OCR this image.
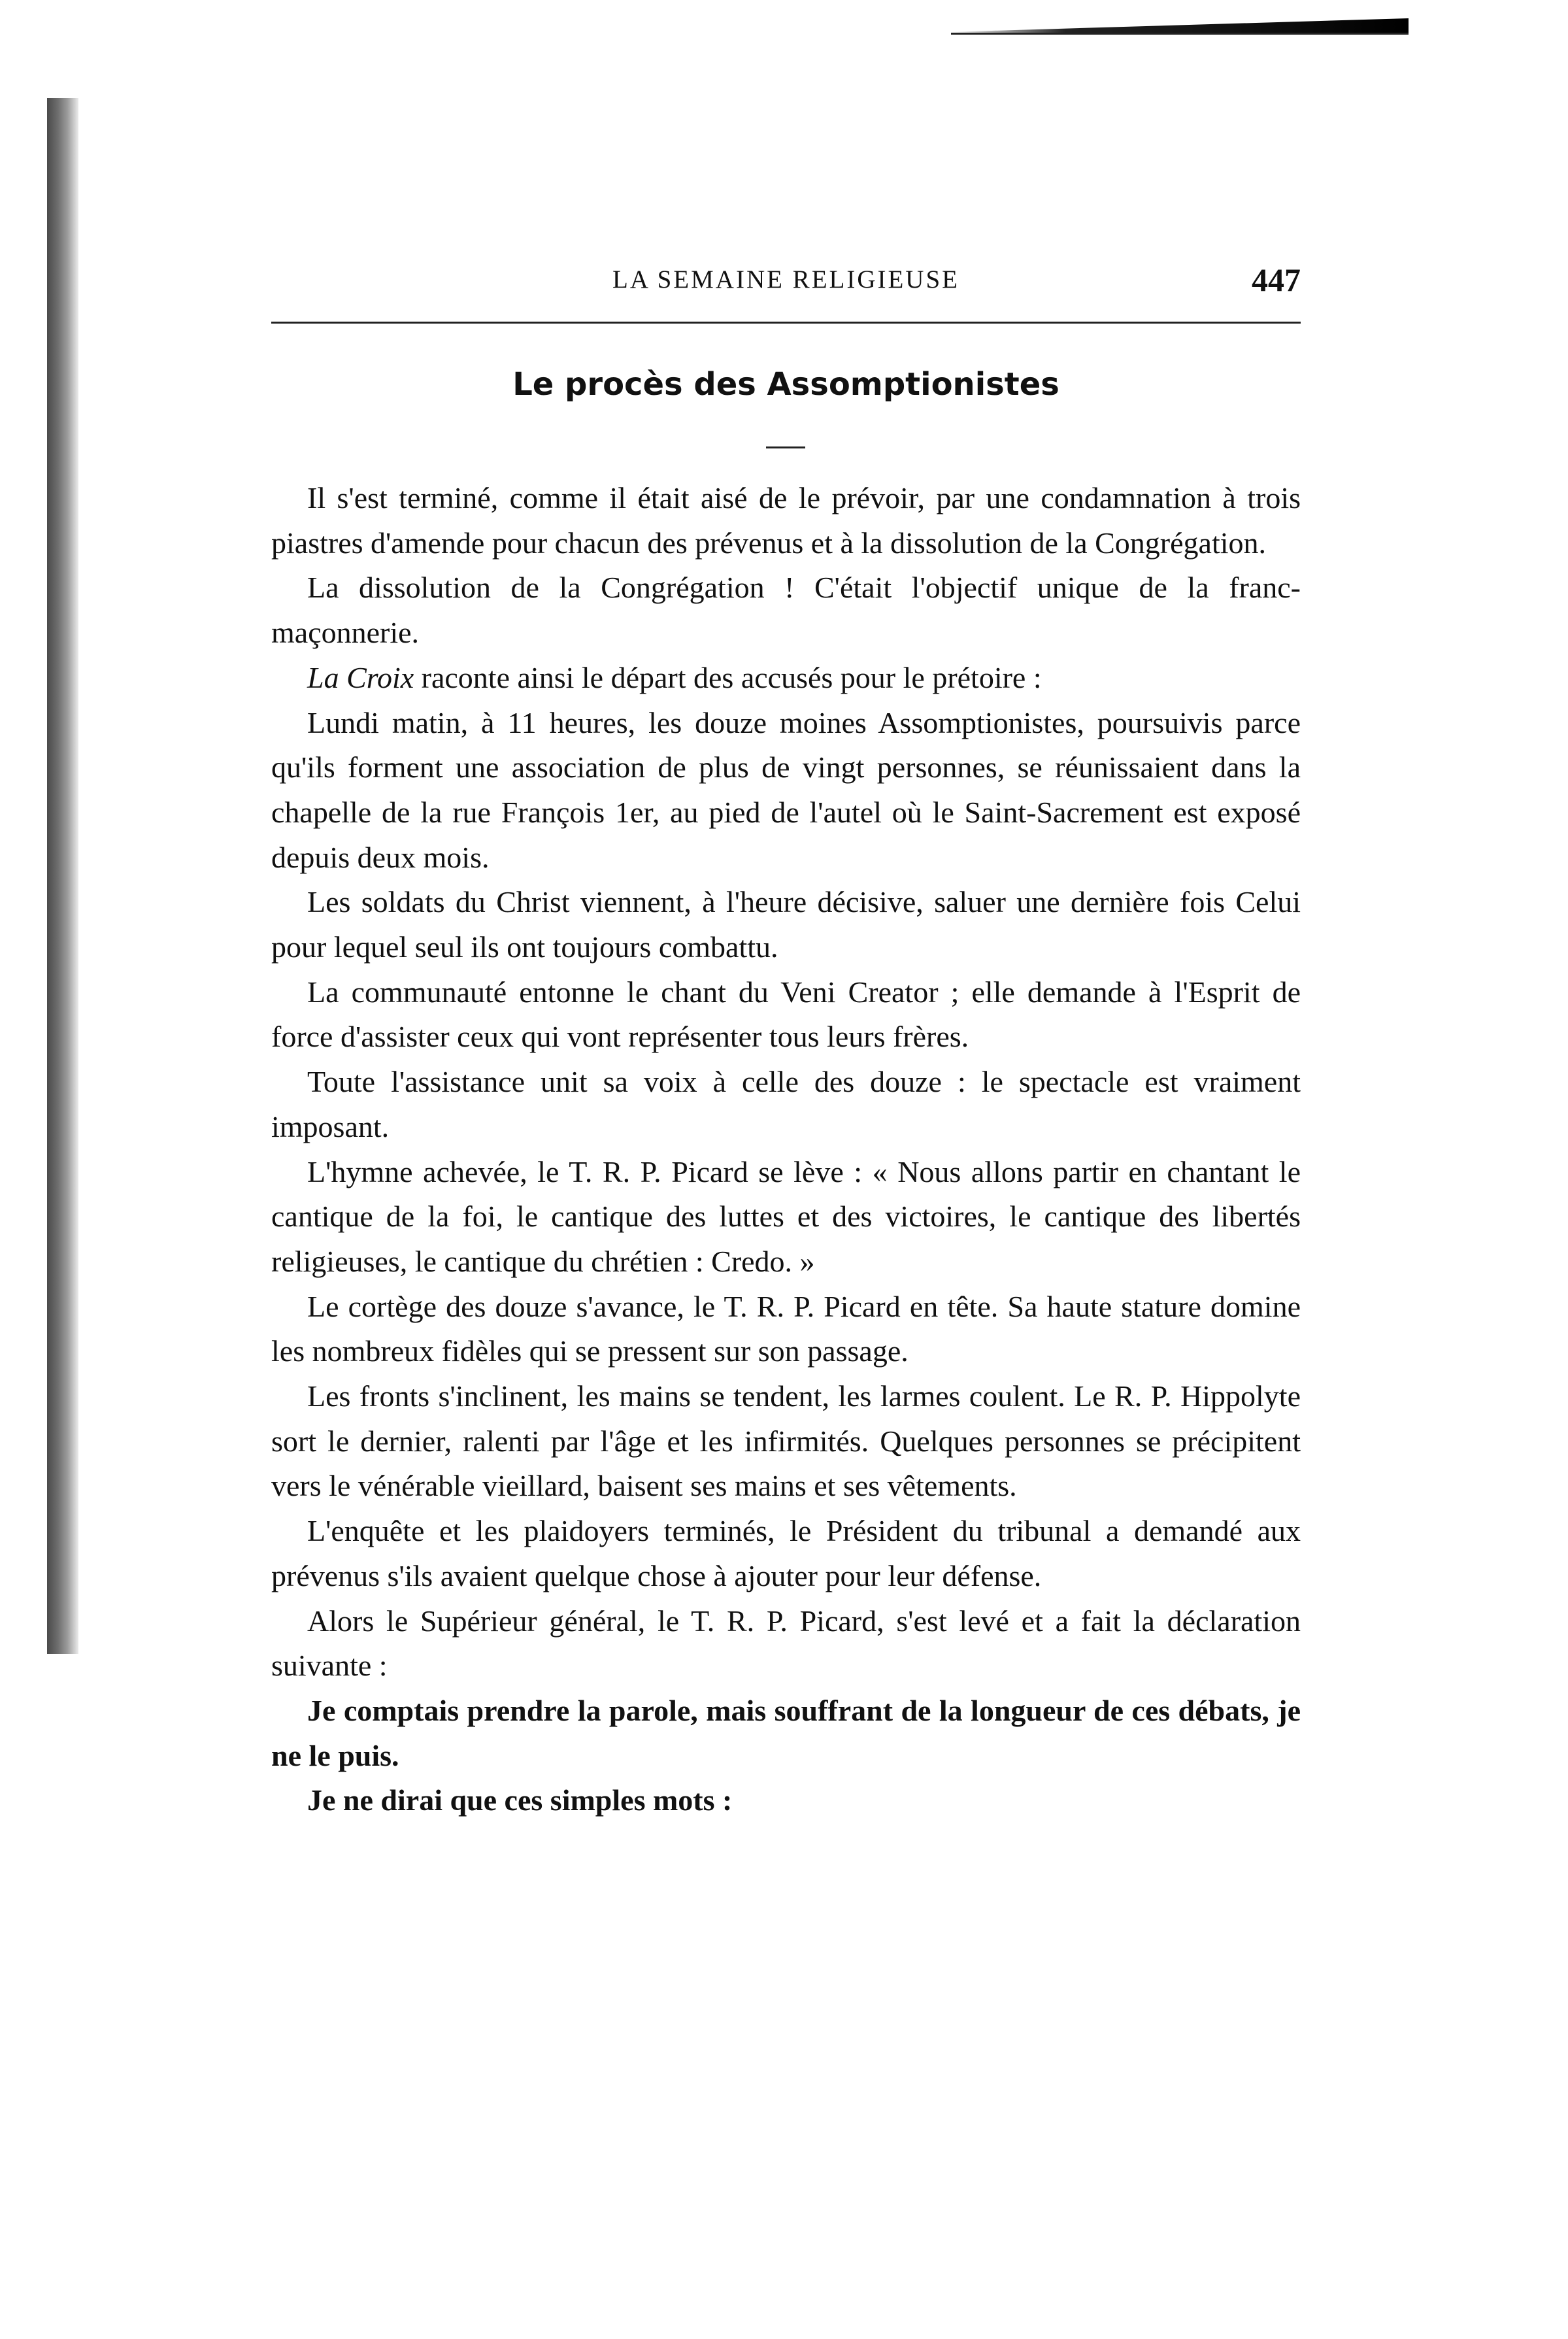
LA SEMAINE RELIGIEUSE	447
Le procès des Assomptionistes

Il s'est terminé, comme il était aisé de le prévoir, par une condamnation à trois piastres d'amende pour chacun des prévenus et à la dissolution de la Congrégation.

La dissolution de la Congrégation ! C'était l'objectif unique de la franc-maçonnerie.

La Croix raconte ainsi le départ des accusés pour le prétoire :

Lundi matin, à 11 heures, les douze moines Assomptionistes, poursuivis parce qu'ils forment une association de plus de vingt personnes, se réunissaient dans la chapelle de la rue François 1er, au pied de l'autel où le Saint-Sacrement est exposé depuis deux mois.

Les soldats du Christ viennent, à l'heure décisive, saluer une dernière fois Celui pour lequel seul ils ont toujours combattu.

La communauté entonne le chant du Veni Creator ; elle demande à l'Esprit de force d'assister ceux qui vont représenter tous leurs frères.

Toute l'assistance unit sa voix à celle des douze : le spectacle est vraiment imposant.

L'hymne achevée, le T. R. P. Picard se lève : « Nous allons partir en chantant le cantique de la foi, le cantique des luttes et des victoires, le cantique des libertés religieuses, le cantique du chrétien : Credo. »

Le cortège des douze s'avance, le T. R. P. Picard en tête. Sa haute stature domine les nombreux fidèles qui se pressent sur son passage.

Les fronts s'inclinent, les mains se tendent, les larmes coulent. Le R. P. Hippolyte sort le dernier, ralenti par l'âge et les infirmités. Quelques personnes se précipitent vers le vénérable vieillard, baisent ses mains et ses vêtements.

L'enquête et les plaidoyers terminés, le Président du tribunal a demandé aux prévenus s'ils avaient quelque chose à ajouter pour leur défense.

Alors le Supérieur général, le T. R. P. Picard, s'est levé et a fait la déclaration suivante :

Je comptais prendre la parole, mais souffrant de la longueur de ces débats, je ne le puis.

Je ne dirai que ces simples mots :
